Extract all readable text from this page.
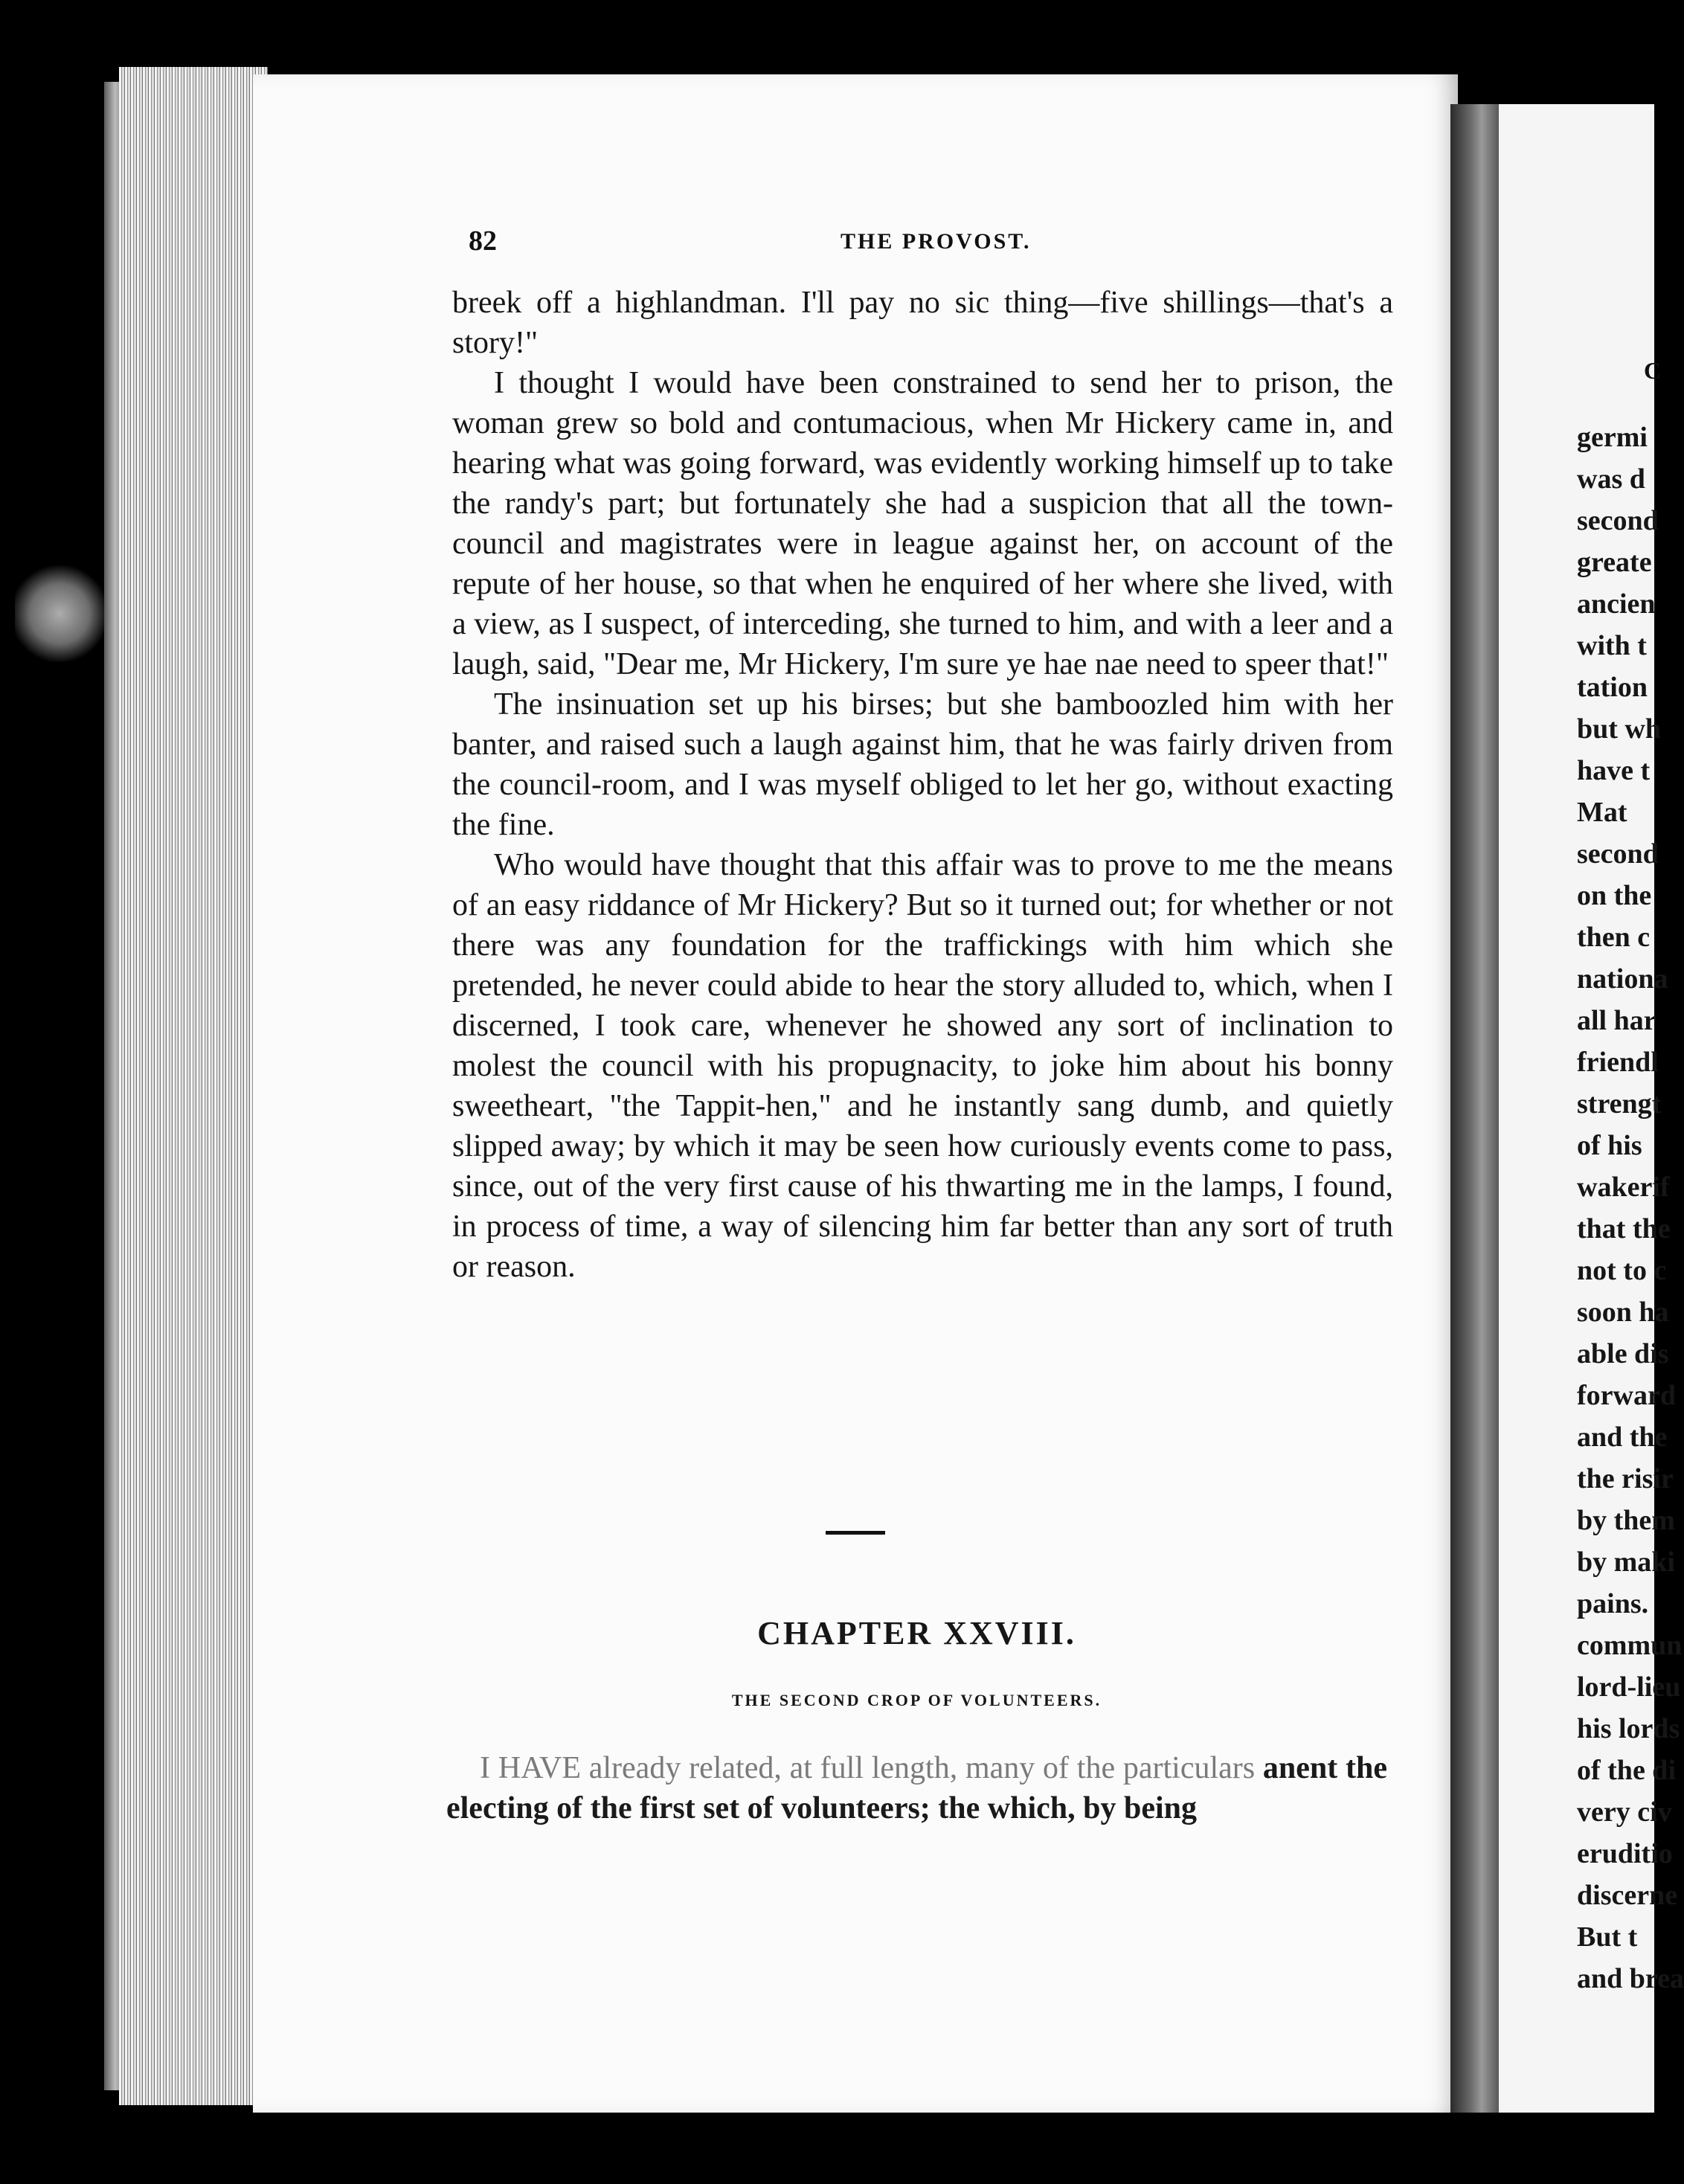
82	THE PROVOST.

breek off a highlandman. I'll pay no sic thing—five shillings—that's a story!"

I thought I would have been constrained to send her to prison, the woman grew so bold and contumacious, when Mr Hickery came in, and hearing what was going forward, was evidently working himself up to take the randy's part; but fortunately she had a suspicion that all the town-council and magistrates were in league against her, on account of the repute of her house, so that when he enquired of her where she lived, with a view, as I suspect, of interceding, she turned to him, and with a leer and a laugh, said, "Dear me, Mr Hickery, I'm sure ye hae nae need to speer that!"

The insinuation set up his birses; but she bamboozled him with her banter, and raised such a laugh against him, that he was fairly driven from the council-room, and I was myself obliged to let her go, without exacting the fine.

Who would have thought that this affair was to prove to me the means of an easy riddance of Mr Hickery? But so it turned out; for whether or not there was any foundation for the traffickings with him which she pretended, he never could abide to hear the story alluded to, which, when I discerned, I took care, whenever he showed any sort of inclination to molest the council with his propugnacity, to joke him about his bonny sweetheart, "the Tappit-hen," and he instantly sang dumb, and quietly slipped away; by which it may be seen how curiously events come to pass, since, out of the very first cause of his thwarting me in the lamps, I found, in process of time, a way of silencing him far better than any sort of truth or reason.

CHAPTER XXVIII.
THE SECOND CROP OF VOLUNTEERS.

I HAVE already related, at full length, many of the particulars anent the electing of the first set of volunteers; the which, by being

C
germi
was d
second
greate
ancien
with t
tation
but wh
have t
Mat
second
on the
then c
nationa
all har
friendl
strengt
of his
wakerif
that the
not to c
soon ha
able dis
forward
and the
the risir
by them
by maki
pains.
commun
lord-lieu
his lords
of the di
very civ
eruditio
discerne
But t
and brea
